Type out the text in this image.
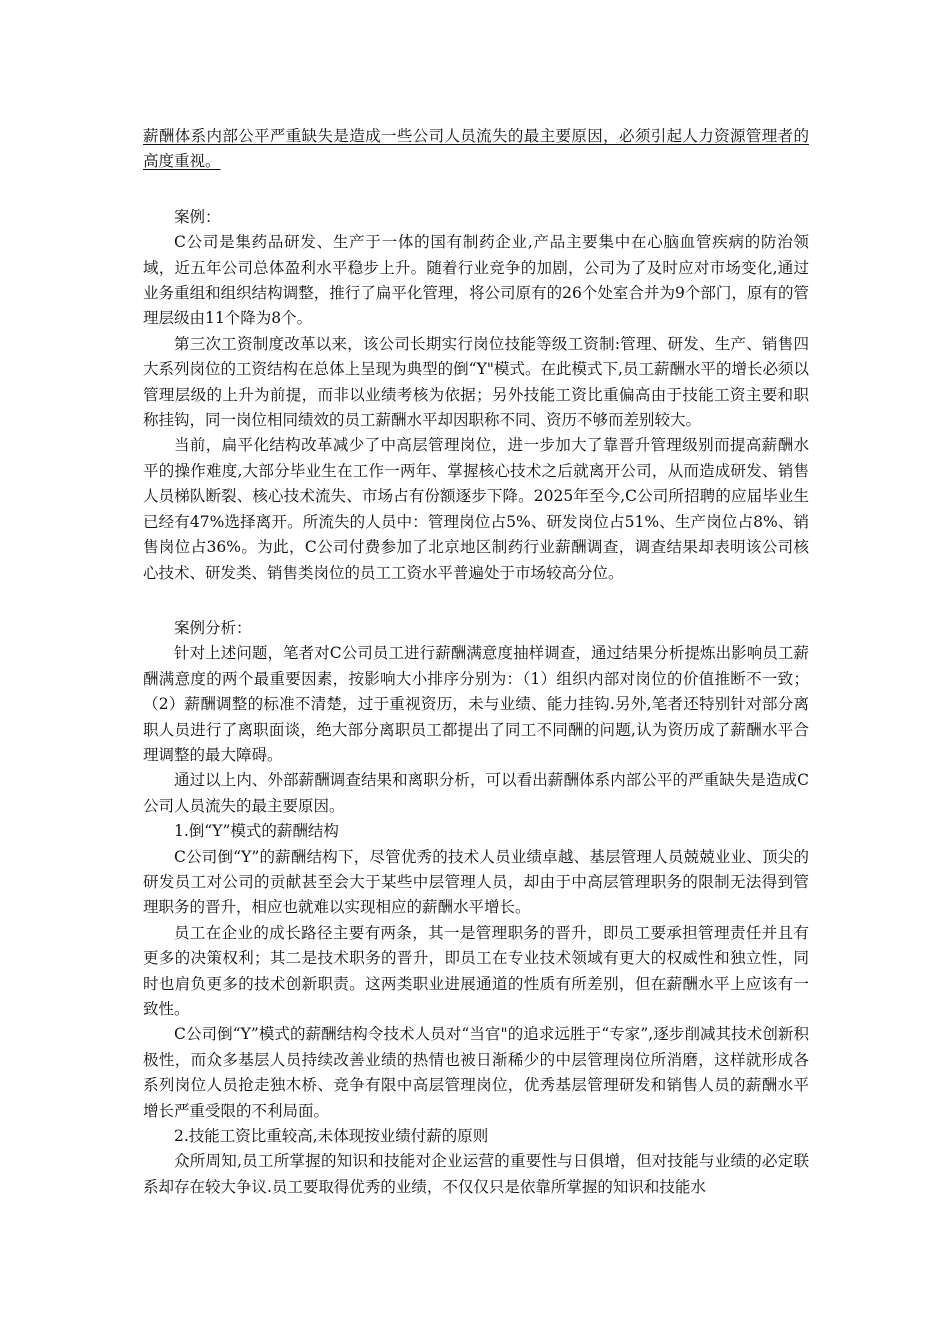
薪酬体系内部公平严重缺失是造成一些公司人员流失的最主要原因，必须引起人力资源管理者的高度重视。

案例：

C公司是集药品研发、生产于一体的国有制药企业,产品主要集中在心脑血管疾病的防治领域，近五年公司总体盈利水平稳步上升。随着行业竞争的加剧，公司为了及时应对市场变化,通过业务重组和组织结构调整，推行了扁平化管理，将公司原有的26个处室合并为9个部门，原有的管理层级由11个降为8个。

第三次工资制度改革以来，该公司长期实行岗位技能等级工资制:管理、研发、生产、销售四大系列岗位的工资结构在总体上呈现为典型的倒“Y"模式。在此模式下,员工薪酬水平的增长必须以管理层级的上升为前提，而非以业绩考核为依据；另外技能工资比重偏高由于技能工资主要和职称挂钩，同一岗位相同绩效的员工薪酬水平却因职称不同、资历不够而差别较大。

当前，扁平化结构改革减少了中高层管理岗位，进一步加大了靠晋升管理级别而提高薪酬水平的操作难度,大部分毕业生在工作一两年、掌握核心技术之后就离开公司，从而造成研发、销售人员梯队断裂、核心技术流失、市场占有份额逐步下降。2025年至今,C公司所招聘的应届毕业生已经有47%选择离开。所流失的人员中：管理岗位占5%、研发岗位占51%、生产岗位占8%、销售岗位占36%。为此，C公司付费参加了北京地区制药行业薪酬调查，调查结果却表明该公司核心技术、研发类、销售类岗位的员工工资水平普遍处于市场较高分位。

案例分析：

针对上述问题，笔者对C公司员工进行薪酬满意度抽样调查，通过结果分析提炼出影响员工薪酬满意度的两个最重要因素，按影响大小排序分别为：（1）组织内部对岗位的价值推断不一致；（2）薪酬调整的标准不清楚，过于重视资历，未与业绩、能力挂钩.另外,笔者还特别针对部分离职人员进行了离职面谈，绝大部分离职员工都提出了同工不同酬的问题,认为资历成了薪酬水平合理调整的最大障碍。

通过以上内、外部薪酬调查结果和离职分析，可以看出薪酬体系内部公平的严重缺失是造成C公司人员流失的最主要原因。

1.倒“Y”模式的薪酬结构

C公司倒“Y”的薪酬结构下，尽管优秀的技术人员业绩卓越、基层管理人员兢兢业业、顶尖的研发员工对公司的贡献甚至会大于某些中层管理人员，却由于中高层管理职务的限制无法得到管理职务的晋升，相应也就难以实现相应的薪酬水平增长。

员工在企业的成长路径主要有两条，其一是管理职务的晋升，即员工要承担管理责任并且有更多的决策权利；其二是技术职务的晋升，即员工在专业技术领域有更大的权威性和独立性，同时也肩负更多的技术创新职责。这两类职业进展通道的性质有所差别，但在薪酬水平上应该有一致性。

C公司倒“Y”模式的薪酬结构令技术人员对“当官"的追求远胜于“专家”,逐步削减其技术创新积极性，而众多基层人员持续改善业绩的热情也被日渐稀少的中层管理岗位所消磨，这样就形成各系列岗位人员抢走独木桥、竞争有限中高层管理岗位，优秀基层管理研发和销售人员的薪酬水平增长严重受限的不利局面。

2.技能工资比重较高,未体现按业绩付薪的原则

众所周知,员工所掌握的知识和技能对企业运营的重要性与日俱增，但对技能与业绩的必定联系却存在较大争议.员工要取得优秀的业绩，不仅仅只是依靠所掌握的知识和技能水
